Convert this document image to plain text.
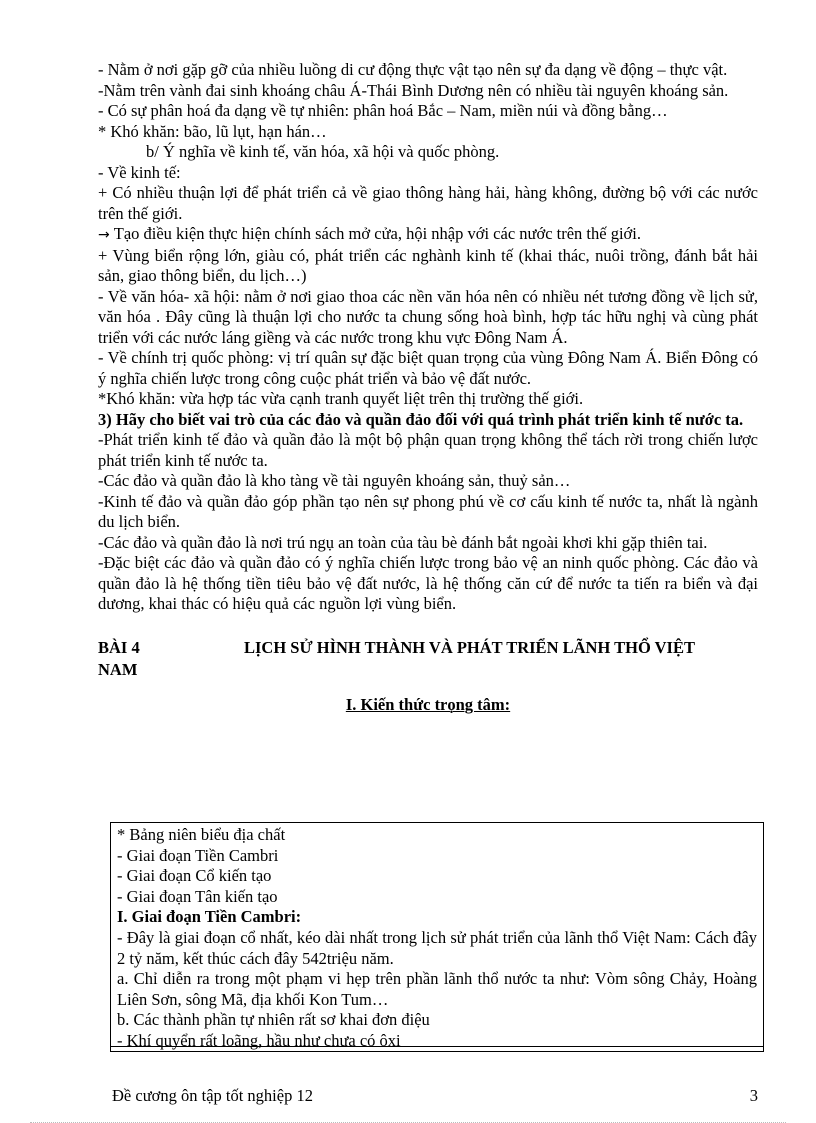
- Nằm ở nơi gặp gỡ của nhiều luồng di cư động thực vật tạo nên sự đa dạng về động – thực vật.

-Nằm trên vành đai sinh khoáng châu Á-Thái Bình Dương nên có nhiều tài nguyên khoáng sản.

- Có sự phân hoá đa dạng về tự nhiên: phân hoá Bắc – Nam, miền núi và đồng bằng…

* Khó khăn: bão, lũ lụt, hạn hán…

b/ Ý nghĩa về kinh tế, văn hóa, xã hội và quốc phòng.

- Về kinh tế:

+ Có nhiều thuận lợi để phát triển cả về giao thông hàng hải, hàng không, đường bộ với các nước trên thế giới.

→ Tạo điều kiện thực hiện chính sách mở cửa, hội nhập với các nước trên thế giới.

+ Vùng biển rộng lớn, giàu có, phát triển các nghành kinh tế (khai thác, nuôi trồng, đánh bắt hải sản, giao thông biển, du lịch…)

- Về văn hóa- xã hội: nằm ở nơi giao thoa các nền văn hóa nên có nhiều nét tương đồng về lịch sử, văn hóa . Đây cũng là thuận lợi cho nước ta chung sống hoà bình, hợp tác hữu nghị và cùng phát triển với các nước láng giềng và các nước trong khu vực Đông Nam Á.

- Về chính trị quốc phòng: vị trí quân sự đặc biệt quan trọng của vùng Đông Nam Á. Biển Đông có ý nghĩa chiến lược trong công cuộc phát triển và bảo vệ đất nước.

*Khó khăn: vừa hợp tác vừa cạnh tranh quyết liệt trên thị trường thế giới.

3) Hãy cho biết vai trò của các đảo và quần đảo đối với quá trình phát triển kinh tế nước ta.

-Phát triển kinh tế đảo và quần đảo là một bộ phận quan trọng không thể tách rời trong chiến lược phát triển kinh tế nước ta.

-Các đảo và quần đảo là kho tàng về tài nguyên khoáng sản, thuỷ sản…

-Kinh tế đảo và quần đảo góp phần tạo nên sự phong phú về cơ cấu kinh tế nước ta, nhất là ngành du lịch biển.

-Các đảo và quần đảo là nơi trú ngụ an toàn của tàu bè đánh bắt ngoài khơi khi gặp thiên tai.

-Đặc biệt các đảo và quần đảo có ý nghĩa chiến lược trong bảo vệ an ninh quốc phòng. Các đảo và quần đảo là hệ thống tiền tiêu bảo vệ đất nước, là hệ thống căn cứ để nước ta tiến ra biển và đại dương, khai thác có hiệu quả các nguồn lợi vùng biển.

BÀI 4	LỊCH SỬ HÌNH THÀNH VÀ PHÁT TRIỂN LÃNH THỔ VIỆT
NAM
I. Kiến thức trọng tâm:

* Bảng niên biểu địa chất

- Giai đoạn Tiền Cambri

- Giai đoạn Cổ kiến tạo

- Giai đoạn Tân kiến tạo

I. Giai đoạn Tiền Cambri:

- Đây là giai đoạn cổ nhất, kéo dài nhất trong lịch sử phát triển của lãnh thổ Việt Nam: Cách đây 2 tỷ năm, kết thúc cách đây 542triệu năm.

a. Chỉ diễn ra trong một phạm vi hẹp trên phần lãnh thổ nước ta như: Vòm sông Chảy, Hoàng Liên Sơn, sông Mã, địa khối Kon Tum…

b. Các thành phần tự nhiên rất sơ khai đơn điệu

- Khí quyển rất loãng, hầu như chưa có ôxi

Đề cương ôn tập tốt nghiệp 12	3
